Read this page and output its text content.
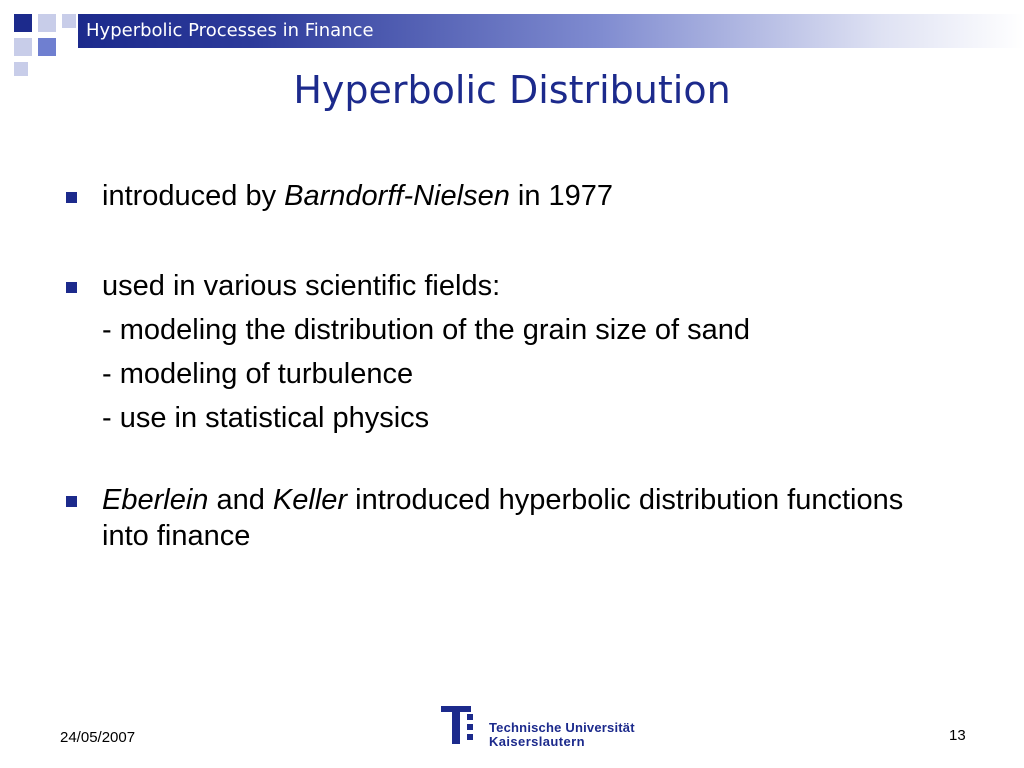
Hyperbolic Processes in Finance
Hyperbolic Distribution
introduced by Barndorff-Nielsen in 1977
used in various scientific fields:
- modeling the distribution of the grain size of sand
- modeling of turbulence
- use in statistical physics
Eberlein and Keller introduced hyperbolic distribution functions into finance
24/05/2007	13
Technische Universität
Kaiserslautern
